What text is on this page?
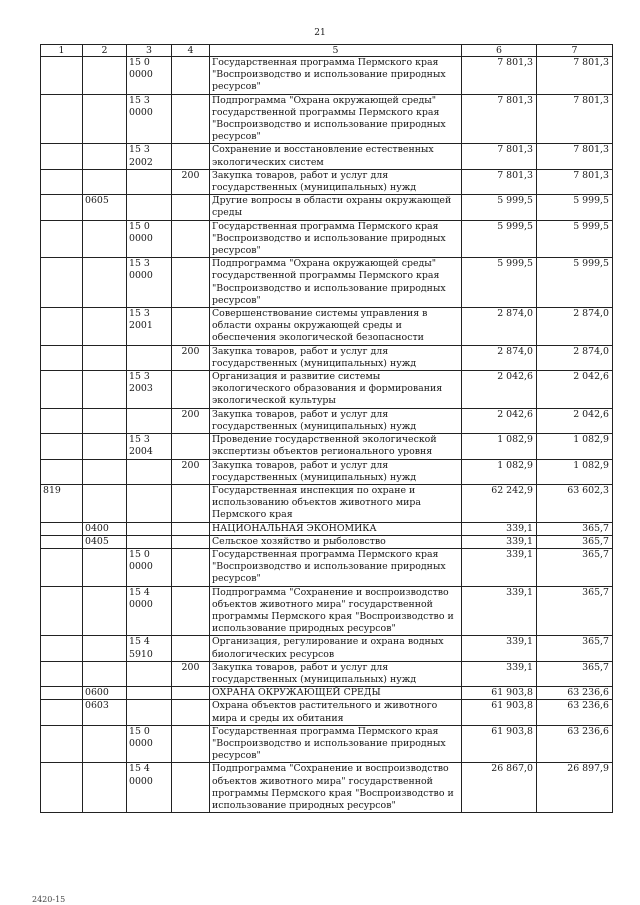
21
1	2	3	4	5	6	7
		15 0 0000		Государственная программа Пермского края "Воспроизводство и использование природных ресурсов"	7 801,3	7 801,3
		15 3 0000		Подпрограмма "Охрана окружающей среды" государственной программы Пермского края "Воспроизводство и использование природных ресурсов"	7 801,3	7 801,3
		15 3 2002		Сохранение и восстановление естественных экологических систем	7 801,3	7 801,3
			200	Закупка товаров, работ и услуг для государственных (муниципальных) нужд	7 801,3	7 801,3
	0605			Другие вопросы в области охраны окружающей среды	5 999,5	5 999,5
		15 0 0000		Государственная программа Пермского края "Воспроизводство и использование природных ресурсов"	5 999,5	5 999,5
		15 3 0000		Подпрограмма "Охрана окружающей среды" государственной программы Пермского края "Воспроизводство и использование природных ресурсов"	5 999,5	5 999,5
		15 3 2001		Совершенствование системы управления в области охраны окружающей среды и обеспечения экологической безопасности	2 874,0	2 874,0
			200	Закупка товаров, работ и услуг для государственных (муниципальных) нужд	2 874,0	2 874,0
		15 3 2003		Организация и развитие системы экологического образования и формирования экологической культуры	2 042,6	2 042,6
			200	Закупка товаров, работ и услуг для государственных (муниципальных) нужд	2 042,6	2 042,6
		15 3 2004		Проведение государственной экологической экспертизы объектов регионального уровня	1 082,9	1 082,9
			200	Закупка товаров, работ и услуг для государственных (муниципальных) нужд	1 082,9	1 082,9
819				Государственная инспекция по охране и использованию объектов животного мира Пермского края	62 242,9	63 602,3
	0400			НАЦИОНАЛЬНАЯ ЭКОНОМИКА	339,1	365,7
	0405			Сельское хозяйство и рыболовство	339,1	365,7
		15 0 0000		Государственная программа Пермского края "Воспроизводство и использование природных ресурсов"	339,1	365,7
		15 4 0000		Подпрограмма "Сохранение и воспроизводство объектов животного мира" государственной программы Пермского края "Воспроизводство и использование природных ресурсов"	339,1	365,7
		15 4 5910		Организация, регулирование и охрана водных биологических ресурсов	339,1	365,7
			200	Закупка товаров, работ и услуг для государственных (муниципальных) нужд	339,1	365,7
	0600			ОХРАНА ОКРУЖАЮЩЕЙ СРЕДЫ	61 903,8	63 236,6
	0603			Охрана объектов растительного и животного мира и среды их обитания	61 903,8	63 236,6
		15 0 0000		Государственная программа Пермского края "Воспроизводство и использование природных ресурсов"	61 903,8	63 236,6
		15 4 0000		Подпрограмма "Сохранение и воспроизводство объектов животного мира" государственной программы Пермского края "Воспроизводство и использование природных ресурсов"	26 867,0	26 897,9
2420-15
